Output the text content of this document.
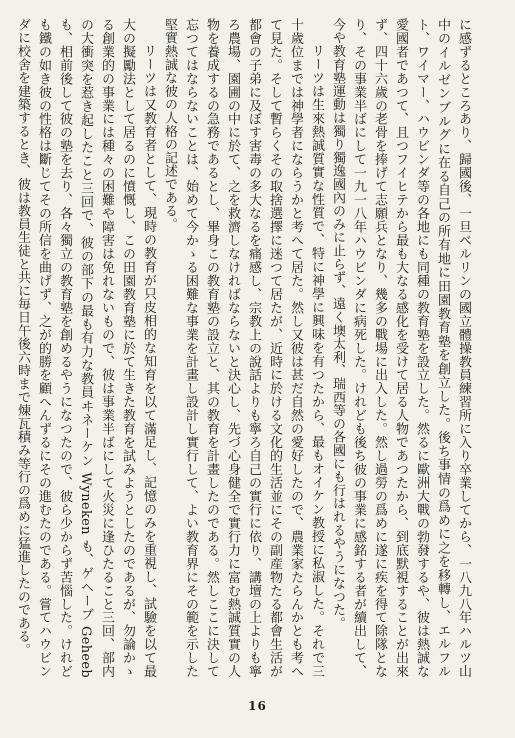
に感ずるところあり、歸國後、一旦ベルリンの國立體操教員練習所に入り卒業してから、一八九八年ハルツ山中のイルゼンブルグに在る自己の所有地に田園教育塾を創立した。後ち事情の爲めに之を移轉し、エルフルト、ワイマー、ハウビンダ等の各地にも同種の教育塾を設立した。然るに歐洲大戰の勃發するや、彼は熱誠な愛國者であつて、且つフイヒテから最も大なる感化を受けて居る人物であつたから、到底默視することが出來ず、四十六歲の老骨を捧げて志願兵となり、幾多の戰場に出入した。然し過勞の爲めに遂に疾を得て除隊となり、その事業半ばにして一九一八年ハウビンダに病死した。けれども後ち彼の事業に感銘する者が續出して、今や教育塾運動は獨り獨逸國內のみに止らず、遠く墺太利、瑞西等の各國にも行はれるやうになつた。
リーツは生來熱誠質實な性質で、特に神學に興味を有つたから、最もオイケン教授に私淑した。それで三十歲位までは神學者にならうかと考へて居た。然し又彼は甚だ自然の愛好したので、農業家たらんかとも考へて見た。そして暫らくその取捨選擇に迷つて居たが、近時に於ける文化的生活並にその副産物たる都會生活が都會の子弟に及ぼす害毒の多大なるを痛感し、宗教上の說話よりも寧ろ自己の實行に依り、講壇の上よりも寧ろ農場、園圃の中に於て、之を救濟しなければならないと決心し、先づ心身健全で實行力に富む熱誠質實の人物を養成するの急務であるとし、畢身この教育塾の設立と、其の教育を計畫したのである。然しここに決して忘つてはならないことは、始めて今かゝる困難な事業を計畫し設計し實行して、よい教育界にその範を示した堅實熱誠な彼の人格の記述である。
リーツは又教育者として、現時の教育が只皮相的な知育を以て滿足し、記憶のみを重視し、試驗を以て最大の擬勵法として居るのに憤慨し、この田園教育塾に於て生きた教育を試みようとしたのであるが、勿論かゝる創業的の事業には種々の困難や障害は免れないもので、彼は事業半ばにして火災に逢ひたること三回、部内の大衝突を惹き起したこと三回で、彼の部下の最も有力な教員ヰネーケン Wyneken も、ゲヘーブ Geheeb も、相前後して彼の塾を去り、各々獨立の教育塾を創めるやうになつたので、彼ら少からず苦惱した。けれども鐵の如き彼の性格は斷じてその所信を曲げず、之が的勝を顧へんずるにその進むたのである。嘗てハウビンダに校舍を建築するとき、彼は教員生徒と共に毎日午後六時まで煉瓦積み等行の爲めに猛進したのである。
16
